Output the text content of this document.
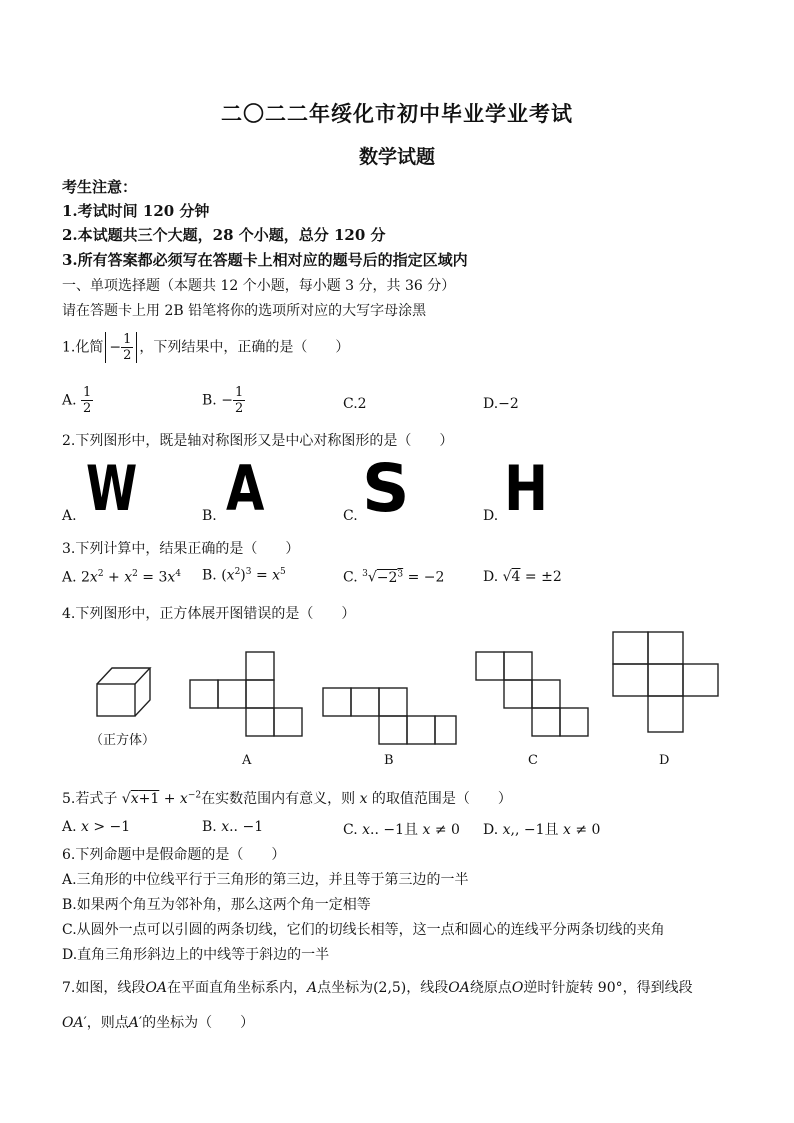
二〇二二年绥化市初中毕业学业考试
数学试题
考生注意：
1.考试时间 120 分钟
2.本试题共三个大题，28 个小题，总分 120 分
3.所有答案都必须写在答题卡上相对应的题号后的指定区域内
一、单项选择题（本题共 12 个小题，每小题 3 分，共 36 分）
请在答题卡上用 2B 铅笔将你的选项所对应的大写字母涂黑
1.化简 − $\frac{1}{2}$ ，下列结果中，正确的是（　　）
A. $\frac{1}{2}$	B. − $\frac{1}{2}$	C.2	D.−2
2.下列图形中，既是轴对称图形又是中心对称图形的是（　　）
A. W	B. A	C. S	D. H
3.下列计算中，结果正确的是（　　）
A. $2x^2 + x^2 = 3x^4$ B. $(x^2)^3 = x^5$	C. $^3√-2^3 = -2$	D. √4 = ±2
4.下列图形中，正方体展开图错误的是（　　）
（正方体）
A	B	C	D
5.若式子 $√x+1 + x^{-2}$在实数范围内有意义，则 x 的取值范围是（　　）
A. x > −1	B. x.. −1	C. x.. −1且 x ≠ 0 D. x,, −1且 x ≠ 0
6.下列命题中是假命题的是（　　）
A.三角形的中位线平行于三角形的第三边，并且等于第三边的一半
B.如果两个角互为邻补角，那么这两个角一定相等
C.从圆外一点可以引圆的两条切线，它们的切线长相等，这一点和圆心的连线平分两条切线的夹角
D.直角三角形斜边上的中线等于斜边的一半
7.如图，线段OA在平面直角坐标系内，A点坐标为(2,5)，线段OA绕原点O逆时针旋转 90°，得到线段
OA′，则点A′的坐标为（　　）
